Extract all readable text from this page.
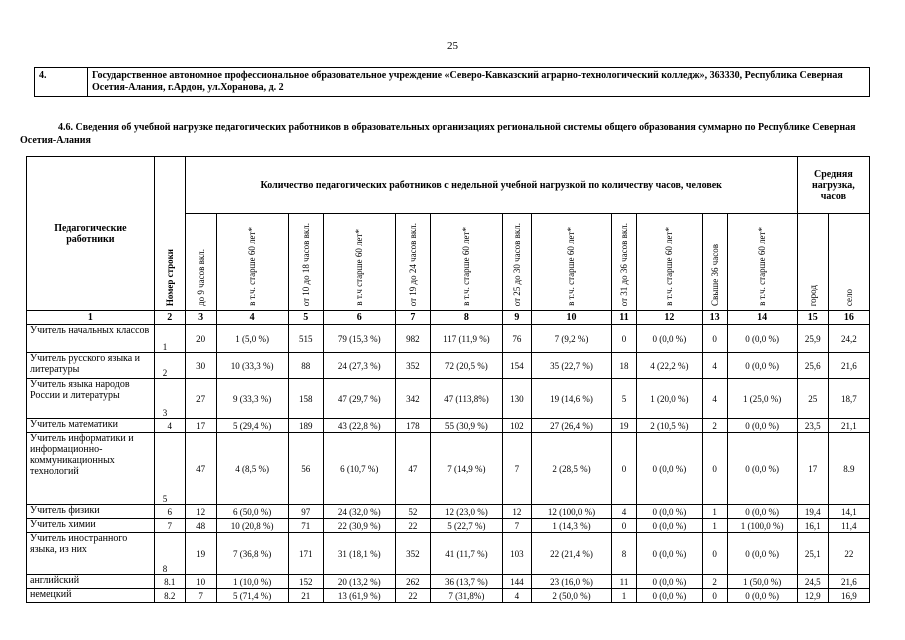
25
4.	Государственное автономное профессиональное образовательное учреждение «Северо-Кавказский аграрно-технологический колледж», 363330, Республика Северная Осетия-Алания, г.Ардон, ул.Хоранова, д. 2
4.6. Сведения об учебной нагрузке педагогических работников в образовательных организациях региональной системы общего образования суммарно по Республике Северная Осетия-Алания
Педагогические работники	Номер строки	Количество педагогических работников с недельной учебной нагрузкой по количеству часов, человек												Средняя нагрузка, часов	
		до 9 часов вкл.	в т.ч. старше 60 лет*	от 10 до 18 часов вкл.	в т.ч старше 60 лет*	от 19 до 24 часов вкл.	в т.ч. старше 60 лет*	от 25 до 30 часов вкл.	в т.ч. старше 60 лет*	от 31 до 36 часов вкл.	в т.ч. старше 60 лет*	Свыше 36 часов	в т.ч. старше 60 лет*	город	село
1	2	3	4	5	6	7	8	9	10	11	12	13	14	15	16
Учитель начальных классов	1	20	1 (5,0 %)	515	79 (15,3 %)	982	117 (11,9 %)	76	7 (9,2 %)	0	0 (0,0 %)	0	0 (0,0 %)	25,9	24,2
Учитель русского языка и литературы	2	30	10 (33,3 %)	88	24 (27,3 %)	352	72 (20,5 %)	154	35 (22,7 %)	18	4 (22,2 %)	4	0 (0,0 %)	25,6	21,6
Учитель языка народов России и литературы	3	27	9 (33,3 %)	158	47 (29,7 %)	342	47 (113,8%)	130	19 (14,6 %)	5	1 (20,0 %)	4	1 (25,0 %)	25	18,7
Учитель математики	4	17	5 (29,4 %)	189	43 (22,8 %)	178	55 (30,9 %)	102	27 (26,4 %)	19	2 (10,5 %)	2	0 (0,0 %)	23,5	21,1
Учитель информатики и информационно-коммуникационных технологий	5	47	4 (8,5 %)	56	6 (10,7 %)	47	7 (14,9 %)	7	2 (28,5 %)	0	0 (0,0 %)	0	0 (0,0 %)	17	8.9
Учитель физики	6	12	6 (50,0 %)	97	24 (32,0 %)	52	12 (23,0 %)	12	12 (100,0 %)	4	0 (0,0 %)	1	0 (0,0 %)	19,4	14,1
Учитель химии	7	48	10 (20,8 %)	71	22 (30,9 %)	22	5 (22,7 %)	7	1 (14,3 %)	0	0 (0,0 %)	1	1 (100,0 %)	16,1	11,4
Учитель иностранного языка, из них	8	19	7 (36,8 %)	171	31 (18,1 %)	352	41 (11,7 %)	103	22 (21,4 %)	8	0 (0,0 %)	0	0 (0,0 %)	25,1	22
английский	8.1	10	1 (10,0 %)	152	20 (13,2 %)	262	36 (13,7 %)	144	23 (16,0 %)	11	0 (0,0 %)	2	1 (50,0 %)	24,5	21,6
немецкий	8.2	7	5 (71,4 %)	21	13 (61,9 %)	22	7 (31,8%)	4	2 (50,0 %)	1	0 (0,0 %)	0	0 (0,0 %)	12,9	16,9
